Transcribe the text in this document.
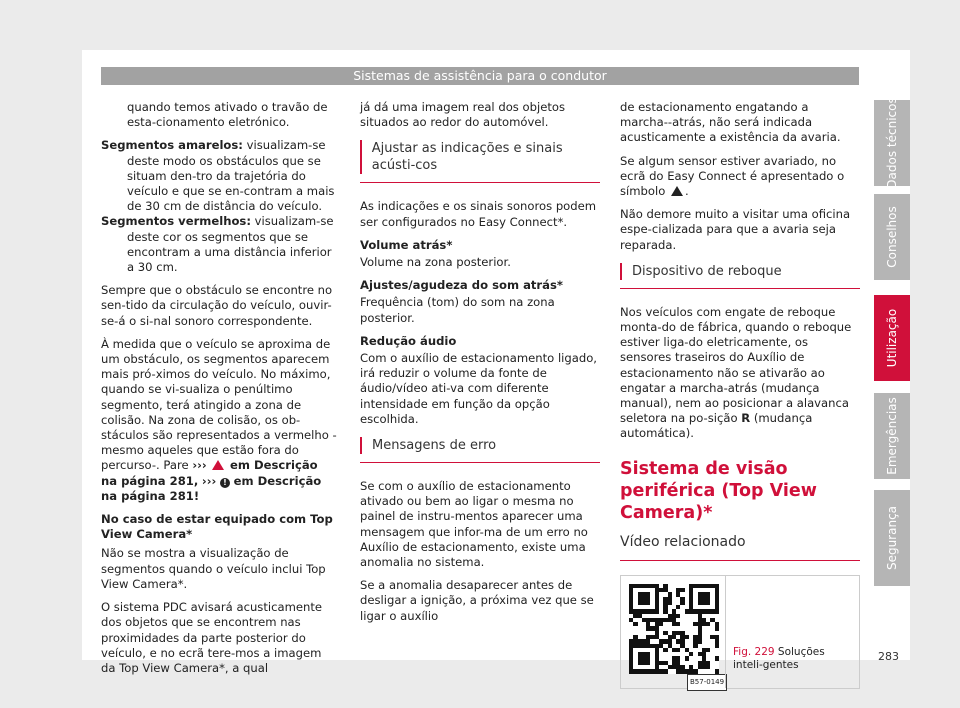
Sistemas de assistência para o condutor

quando temos ativado o travão de esta-cionamento eletrónico.

Segmentos amarelos: visualizam-se deste modo os obstáculos que se situam den-tro da trajetória do veículo e que se en-contram a mais de 30 cm de distância do veículo.

Segmentos vermelhos: visualizam-se deste cor os segmentos que se encontram a uma distância inferior a 30 cm.

Sempre que o obstáculo se encontre no sen-tido da circulação do veículo, ouvir-se-á o si-nal sonoro correspondente.

À medida que o veículo se aproxima de um obstáculo, os segmentos aparecem mais pró-ximos do veículo. No máximo, quando se vi-sualiza o penúltimo segmento, terá atingido a zona de colisão. Na zona de colisão, os ob-stáculos são representados a vermelho - mesmo aqueles que estão fora do percurso-. Pare ››› em Descrição na página 281, ››› ! em Descrição na página 281!

No caso de estar equipado com Top View Camera*

Não se mostra a visualização de segmentos quando o veículo inclui Top View Camera*.

O sistema PDC avisará acusticamente dos objetos que se encontrem nas proximidades da parte posterior do veículo, e no ecrã tere-mos a imagem da Top View Camera*, a qual

já dá uma imagem real dos objetos situados ao redor do automóvel.

Ajustar as indicações e sinais acústi-cos

As indicações e os sinais sonoros podem ser configurados no Easy Connect*.

Volume atrás*

Volume na zona posterior.

Ajustes/agudeza do som atrás*

Frequência (tom) do som na zona posterior.

Redução áudio

Com o auxílio de estacionamento ligado, irá reduzir o volume da fonte de áudio/vídeo ati-va com diferente intensidade em função da opção escolhida.

Mensagens de erro

Se com o auxílio de estacionamento ativado ou bem ao ligar o mesma no painel de instru-mentos aparecer uma mensagem que infor-ma de um erro no Auxílio de estacionamento, existe uma anomalia no sistema.

Se a anomalia desaparecer antes de desligar a ignição, a próxima vez que se ligar o auxílio

de estacionamento engatando a marcha--atrás, não será indicada acusticamente a existência da avaria.

Se algum sensor estiver avariado, no ecrã do Easy Connect é apresentado o símbolo .

Não demore muito a visitar uma oficina espe-cializada para que a avaria seja reparada.

Dispositivo de reboque

Nos veículos com engate de reboque monta-do de fábrica, quando o reboque estiver liga-do eletricamente, os sensores traseiros do Auxílio de estacionamento não se ativarão ao engatar a marcha-atrás (mudança manual), nem ao posicionar a alavanca seletora na po-sição R (mudança automática).

Sistema de visão periférica (Top View Camera)*
Vídeo relacionado
B57-0149
Fig. 229 Soluções inteli-gentes
Dados técnicos
Conselhos
Utilização
Emergências
Segurança
283
